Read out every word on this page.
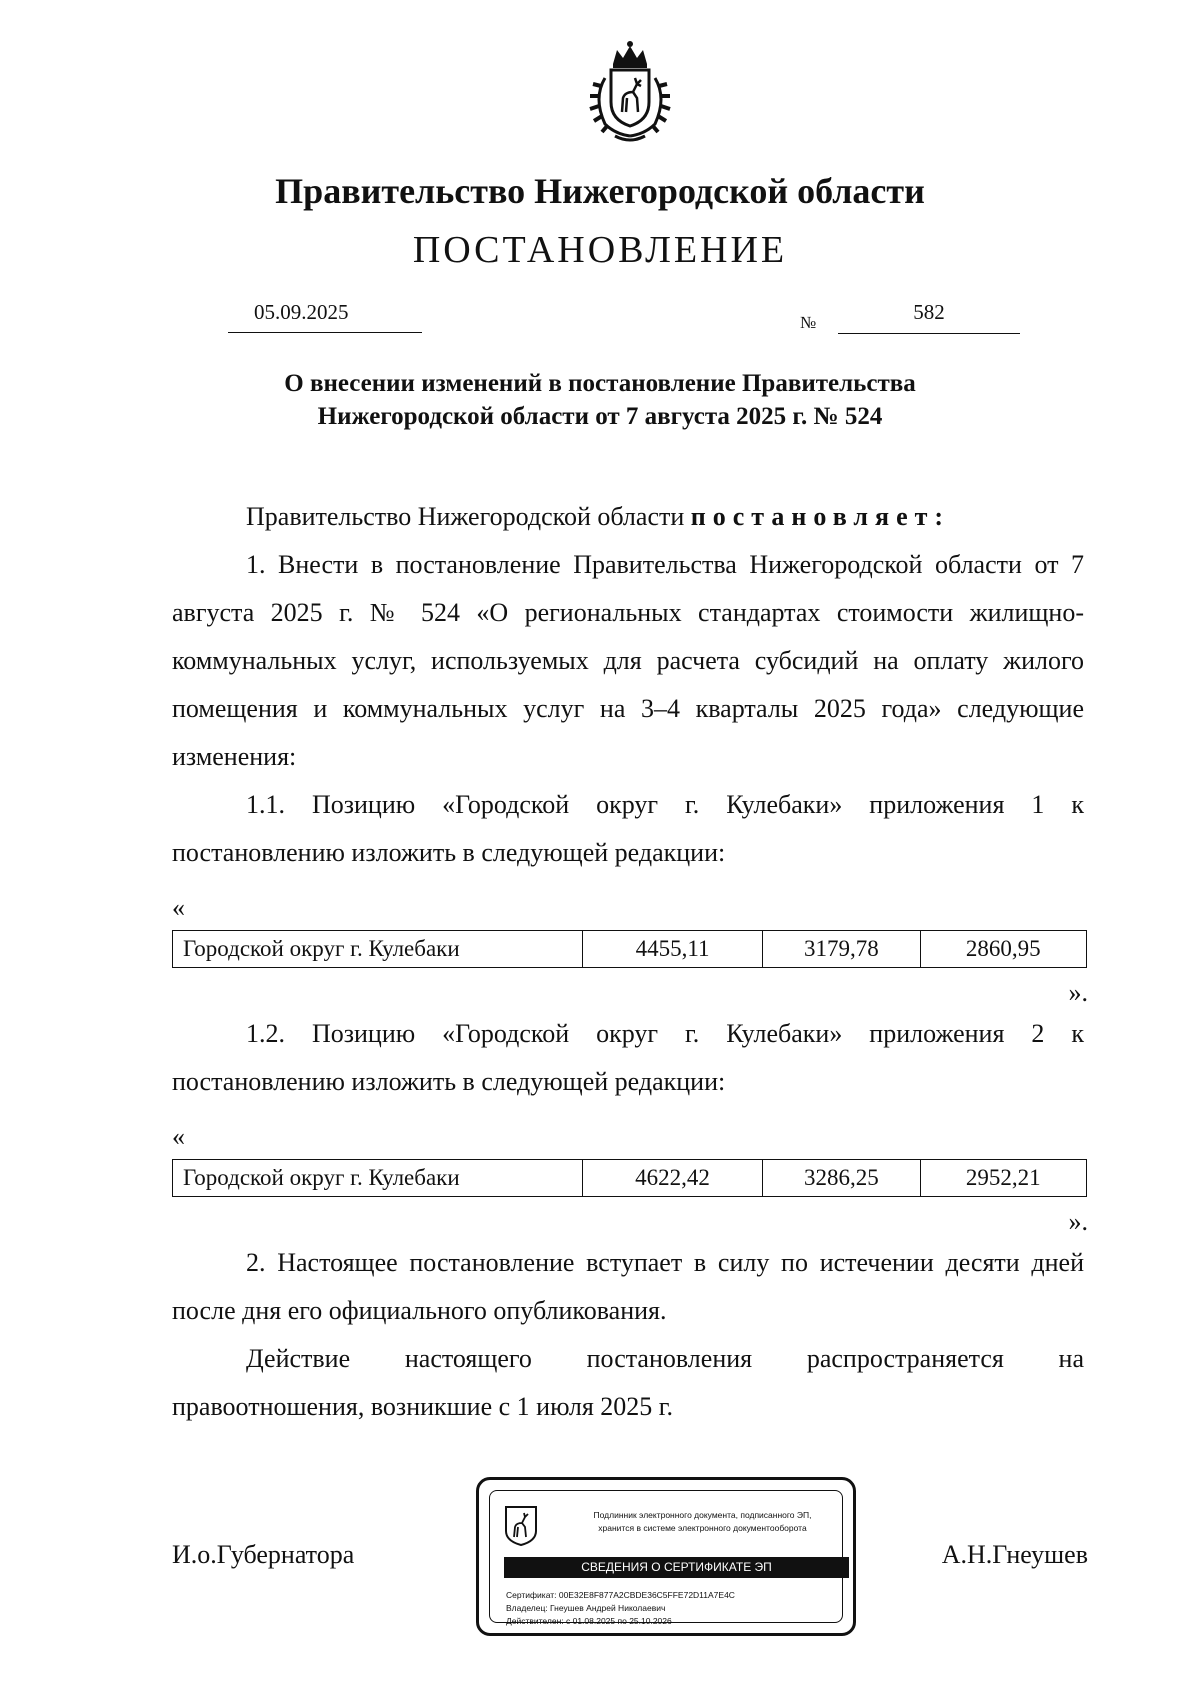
Правительство Нижегородской области
ПОСТАНОВЛЕНИЕ
05.09.2025	№	582
О внесении изменений в постановление Правительства
Нижегородской области от 7 августа 2025 г. № 524
Правительство Нижегородской области постановляет:
1. Внести в постановление Правительства Нижегородской области от 7 августа 2025 г. № 524 «О региональных стандартах стоимости жилищно-коммунальных услуг, используемых для расчета субсидий на оплату жилого помещения и коммунальных услуг на 3–4 кварталы 2025 года» следующие изменения:
1.1. Позицию «Городской округ г. Кулебаки» приложения 1 к постановлению изложить в следующей редакции:
«
Городской округ г. Кулебаки	4455,11	3179,78	2860,95
».
1.2. Позицию «Городской округ г. Кулебаки» приложения 2 к постановлению изложить в следующей редакции:
«
Городской округ г. Кулебаки	4622,42	3286,25	2952,21
».
2. Настоящее постановление вступает в силу по истечении десяти дней после дня его официального опубликования.
Действие настоящего постановления распространяется на правоотношения, возникшие с 1 июля 2025 г.
И.о.Губернатора	А.Н.Гнеушев
Подлинник электронного документа, подписанного ЭП,
хранится в системе электронного документооборота
СВЕДЕНИЯ О СЕРТИФИКАТЕ ЭП
Сертификат: 00E32E8F877A2CBDE36C5FFE72D11A7E4C
Владелец: Гнеушев Андрей Николаевич
Действителен: с 01.08.2025 по 25.10.2026
